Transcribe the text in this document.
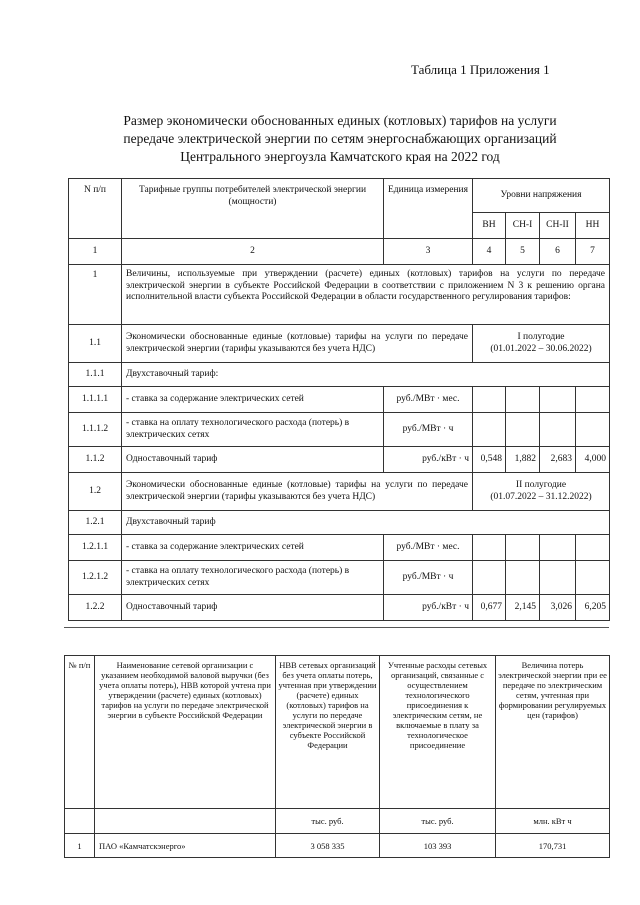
Таблица 1 Приложения 1
Размер экономически обоснованных единых (котловых) тарифов на услуги
передаче электрической энергии по сетям энергоснабжающих организаций
Центрального энергоузла Камчатского края на 2022 год
N п/п	Тарифные группы потребителей электрической энергии (мощности)	Единица измерения	Уровни напряжения			
			ВН	СН-I	СН-II	НН
1	2	3	4	5	6	7
1	Величины, используемые при утверждении (расчете) единых (котловых) тарифов на услуги по передаче электрической энергии в субъекте Российской Федерации в соответствии с приложением N 3 к решению органа исполнительной власти субъекта Российской Федерации в области государственного регулирования тарифов:					
1.1	Экономически обоснованные единые (котловые) тарифы на услуги по передаче электрической энергии (тарифы указываются без учета НДС)		I полугодие
(01.01.2022 – 30.06.2022)			

1.1.1	Двухставочный тариф:					
1.1.1.1	- ставка за содержание электрических сетей	руб./МВт · мес.				
1.1.1.2	- ставка на оплату технологического расхода (потерь) в электрических сетях	руб./МВт · ч				
1.1.2	Одноставочный тариф	руб./кВт · ч	0,548	1,882	2,683	4,000
1.2	Экономически обоснованные единые (котловые) тарифы на услуги по передаче электрической энергии (тарифы указываются без учета НДС)		II полугодие
(01.07.2022 – 31.12.2022)			

1.2.1	Двухставочный тариф					
1.2.1.1	- ставка за содержание электрических сетей	руб./МВт · мес.				
1.2.1.2	- ставка на оплату технологического расхода (потерь) в электрических сетях	руб./МВт · ч				
1.2.2	Одноставочный тариф	руб./кВт · ч	0,677	2,145	3,026	6,205
№ п/п	Наименование сетевой организации с указанием необходимой валовой выручки (без учета оплаты потерь), НВВ которой учтена при утверждении (расчете) единых (котловых) тарифов на услуги по передаче электрической энергии в субъекте Российской Федерации	НВВ сетевых организаций без учета оплаты потерь, учтенная при утверждении (расчете) единых (котловых) тарифов на услуги по передаче электрической энергии в субъекте Российской Федерации	Учтенные расходы сетевых организаций, связанные с осуществлением технологического присоединения к электрическим сетям, не включаемые в плату за технологическое присоединение	Величина потерь электрической энергии при ее передаче по электрическим сетям, учтенная при формировании регулируемых цен (тарифов)
		тыс. руб.	тыс. руб.	млн. кВт ч
1	ПАО «Камчатскэнерго»	3 058 335	103 393	170,731
